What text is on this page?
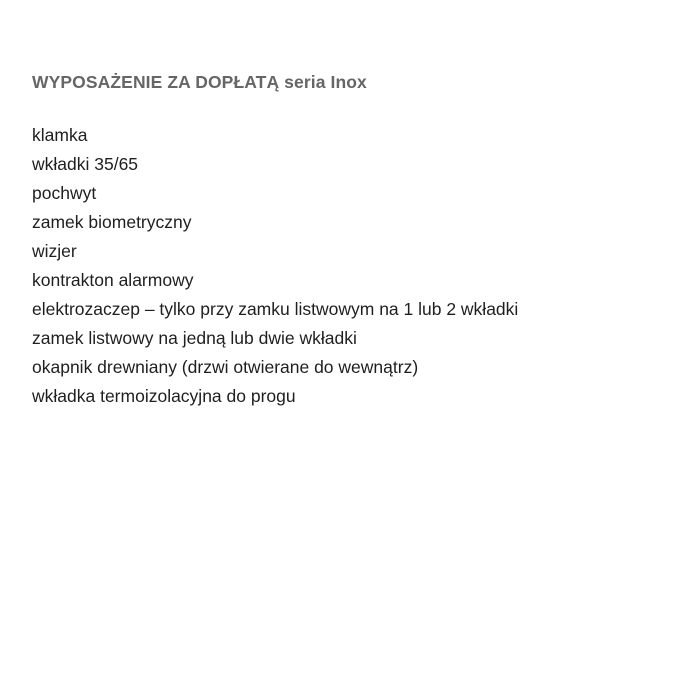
WYPOSAŻENIE ZA DOPŁATĄ seria Inox
klamka
wkładki 35/65
pochwyt
zamek biometryczny
wizjer
kontrakton alarmowy
elektrozaczep – tylko przy zamku listwowym na 1 lub 2 wkładki
zamek listwowy na jedną lub dwie wkładki
okapnik drewniany (drzwi otwierane do wewnątrz)
wkładka termoizolacyjna do progu
